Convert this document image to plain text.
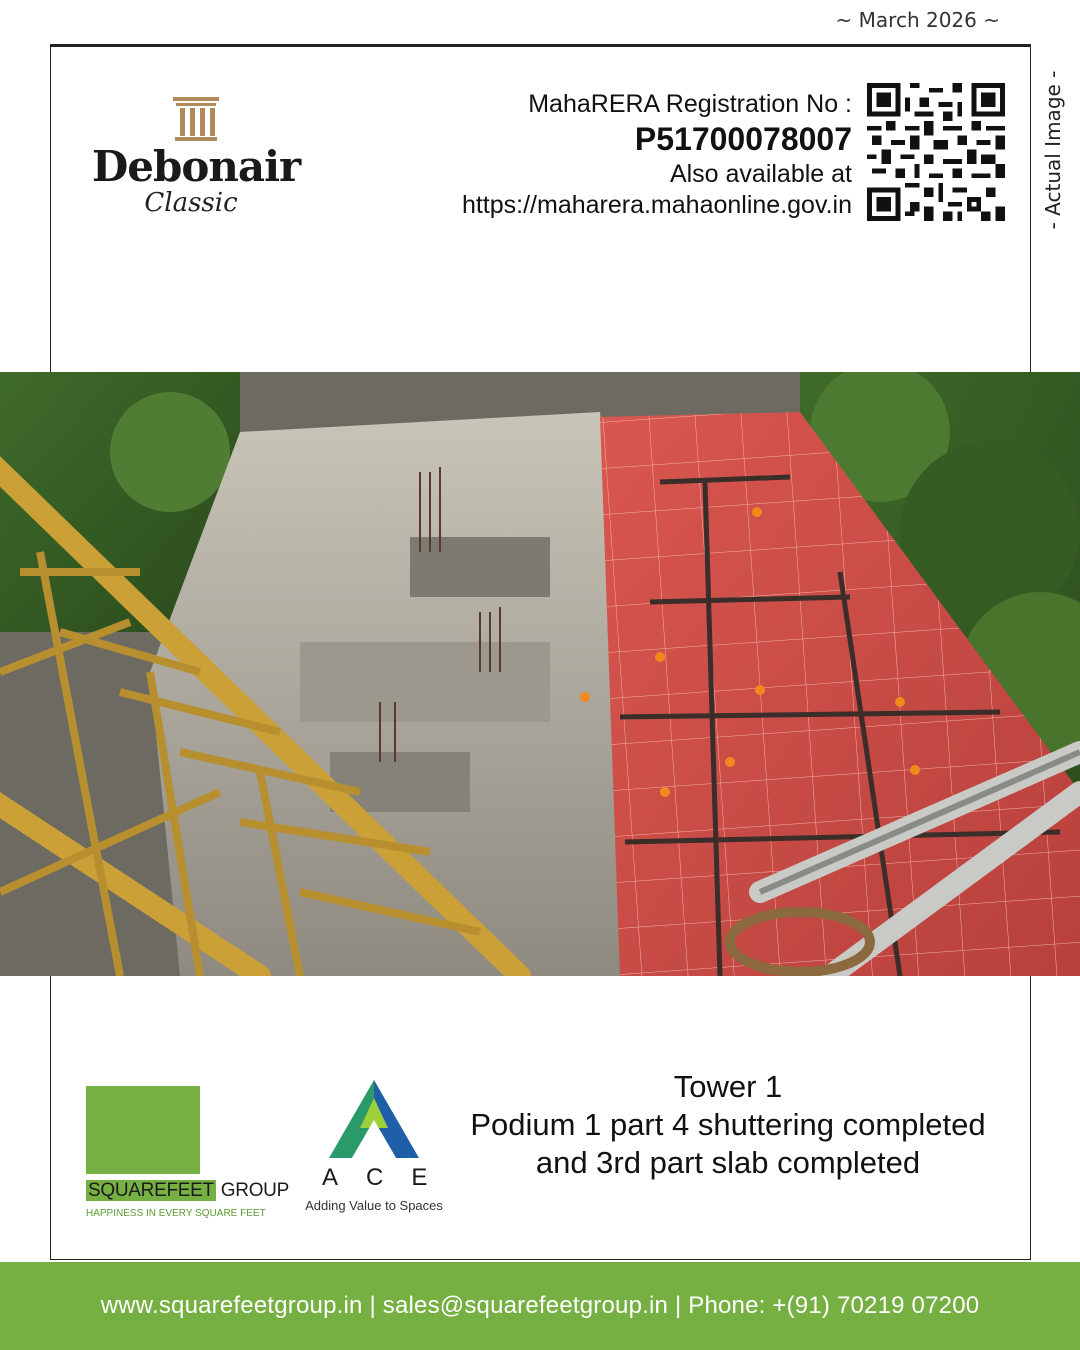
~ March 2026 ~
- Actual Image -
Debonair
Classic
MahaRERA Registration No :
P51700078007
Also available at
https://maharera.mahaonline.gov.in
SQUAREFEET GROUP
HAPPINESS IN EVERY SQUARE FEET
ACE
Adding Value to Spaces
Tower 1
Podium 1 part 4 shuttering completed
and 3rd part slab completed
www.squarefeetgroup.in | sales@squarefeetgroup.in | Phone: +(91) 70219 07200
